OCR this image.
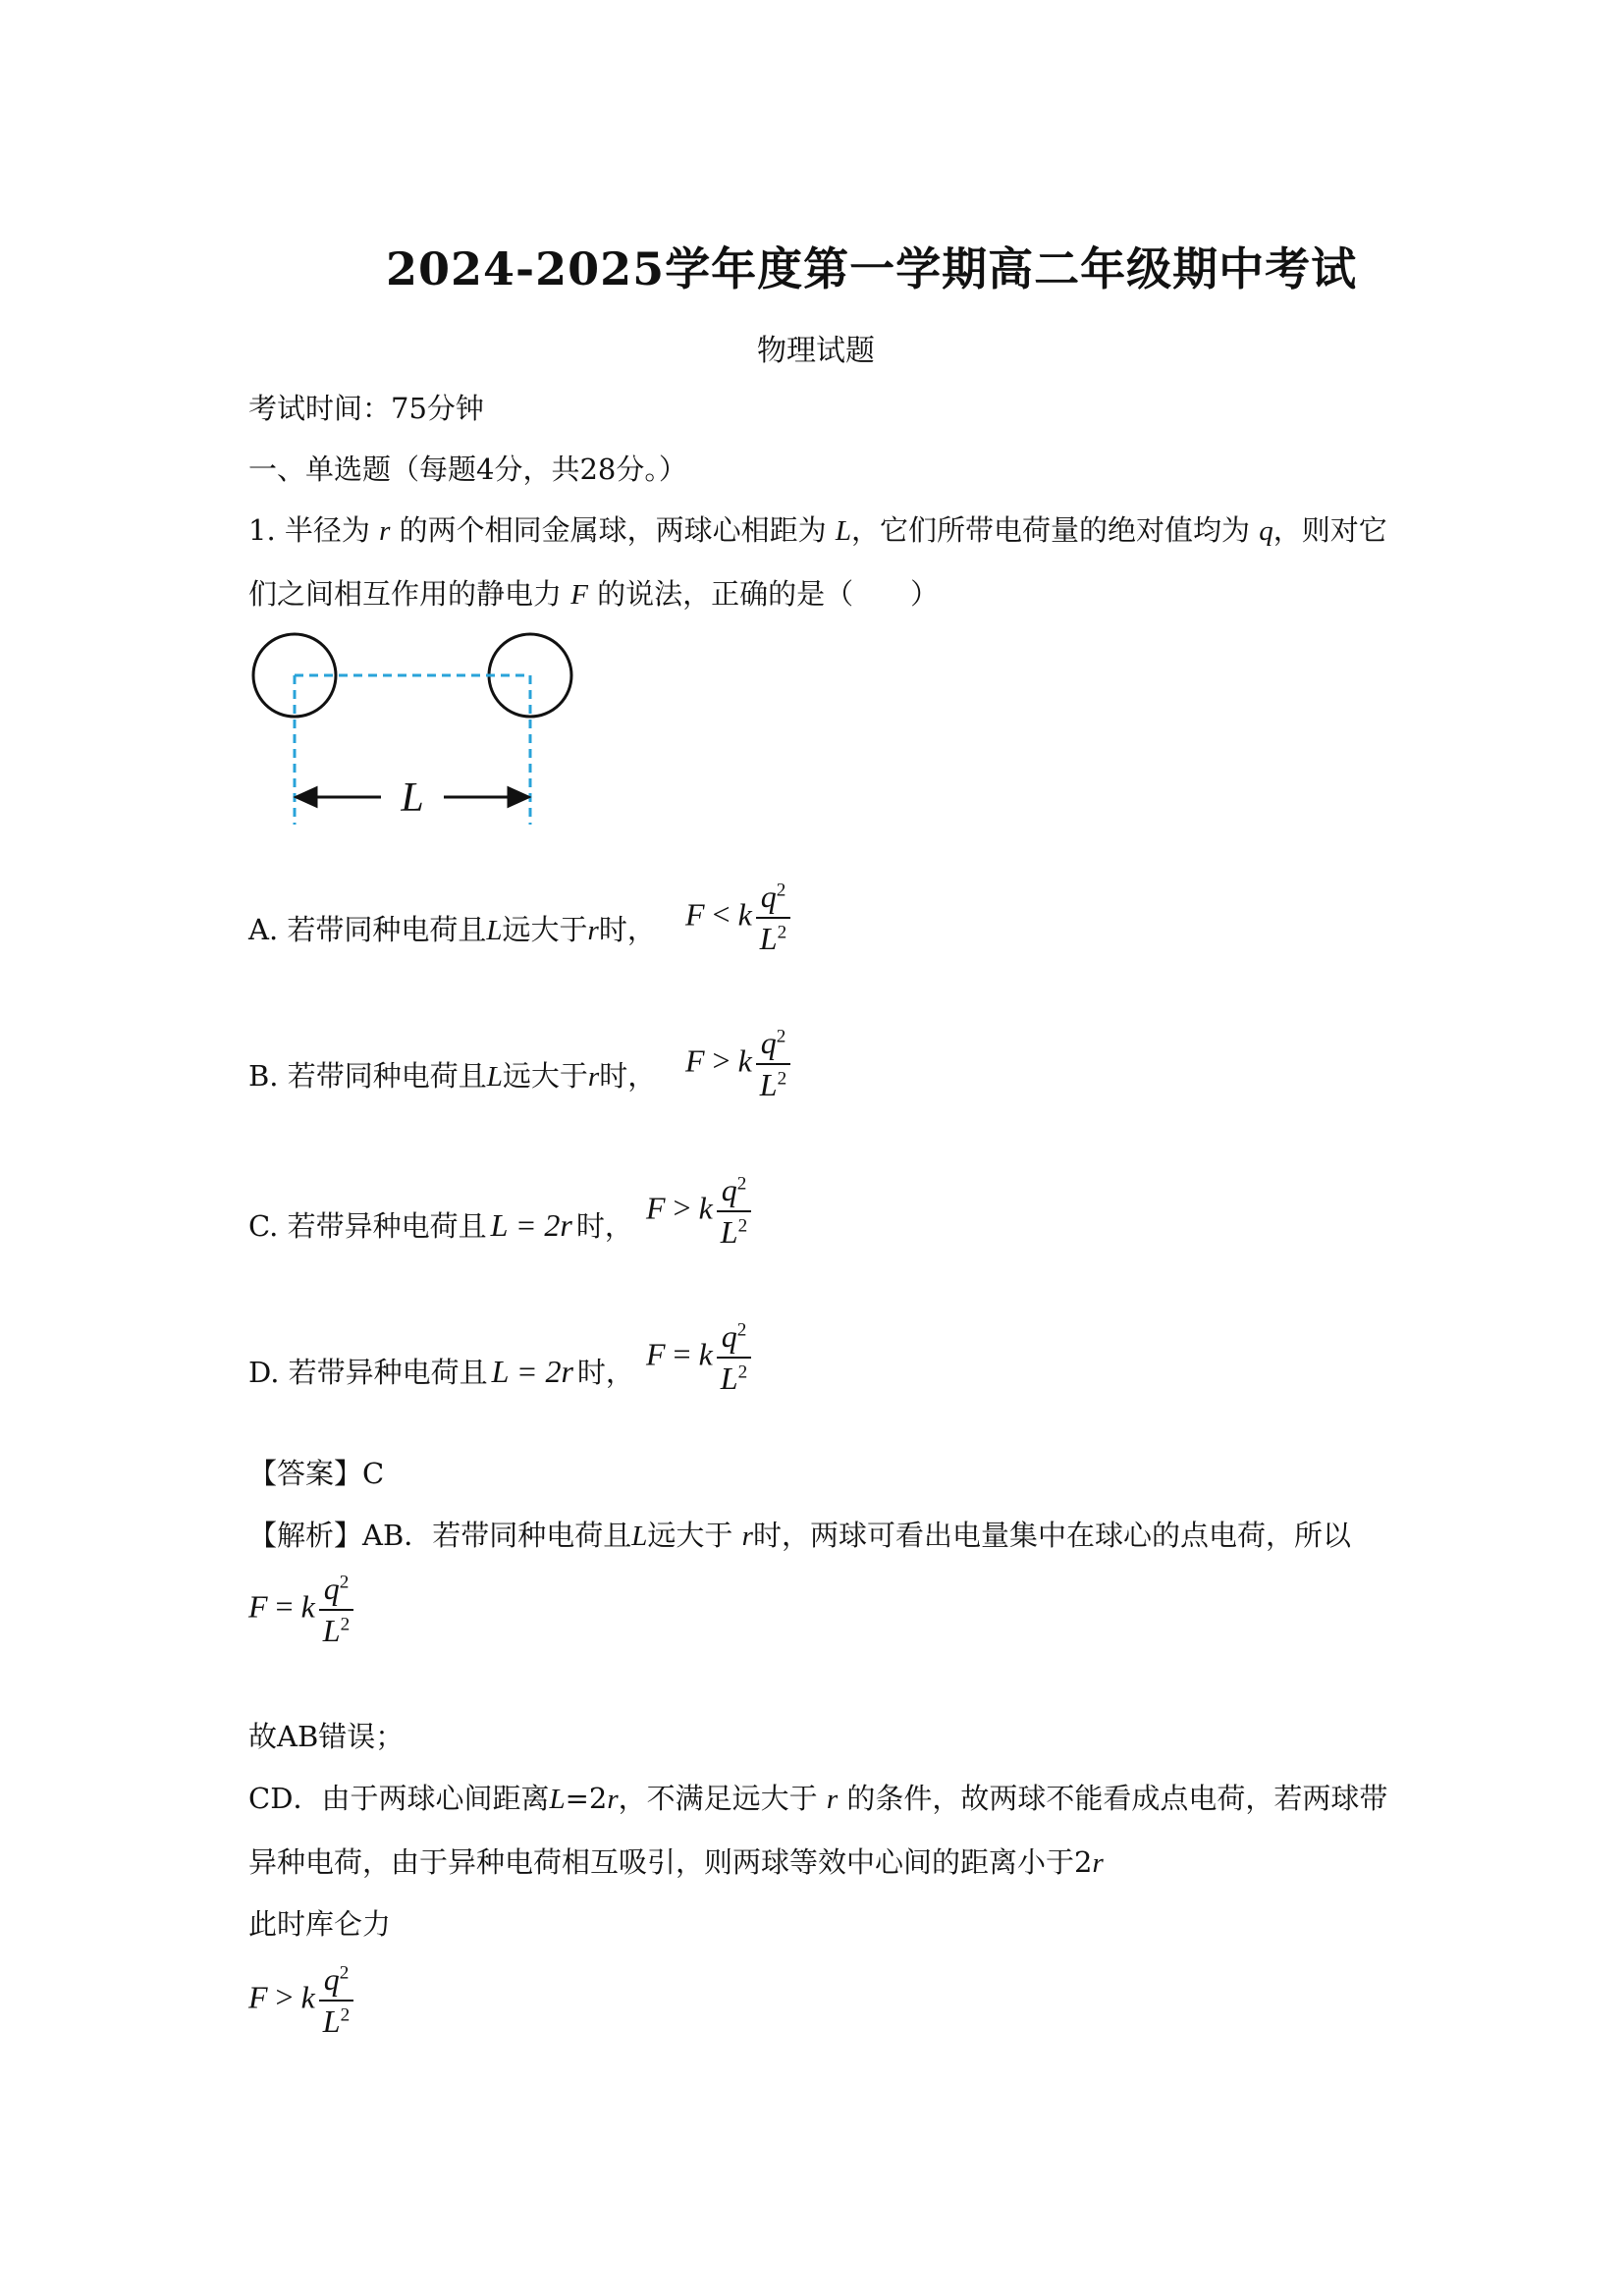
2024-2025学年度第一学期高二年级期中考试
物理试题
考试时间：75分钟
一、单选题（每题4分，共28分。）
1. 半径为 r 的两个相同金属球，两球心相距为 L，它们所带电荷量的绝对值均为 q，则对它
们之间相互作用的静电力 F 的说法，正确的是（　　）
L
A. 若带同种电荷且L远大于r时， F < k $\frac{q^2}{L^2}$
B. 若带同种电荷且L远大于r时， F > k $\frac{q^2}{L^2}$
C. 若带异种电荷且 L = 2r 时，
F > k $\frac{q^2}{L^2}$
D. 若带异种电荷且 L = 2r 时，
F = k $\frac{q^2}{L^2}$
【答案】C
【解析】AB．若带同种电荷且L远大于 r时，两球可看出电量集中在球心的点电荷，所以
F = k $\frac{q^2}{L^2}$
故AB错误；
CD．由于两球心间距离L=2r，不满足远大于 r 的条件，故两球不能看成点电荷，若两球带
异种电荷，由于异种电荷相互吸引，则两球等效中心间的距离小于2r
此时库仑力
F > k $\frac{q^2}{L^2}$
